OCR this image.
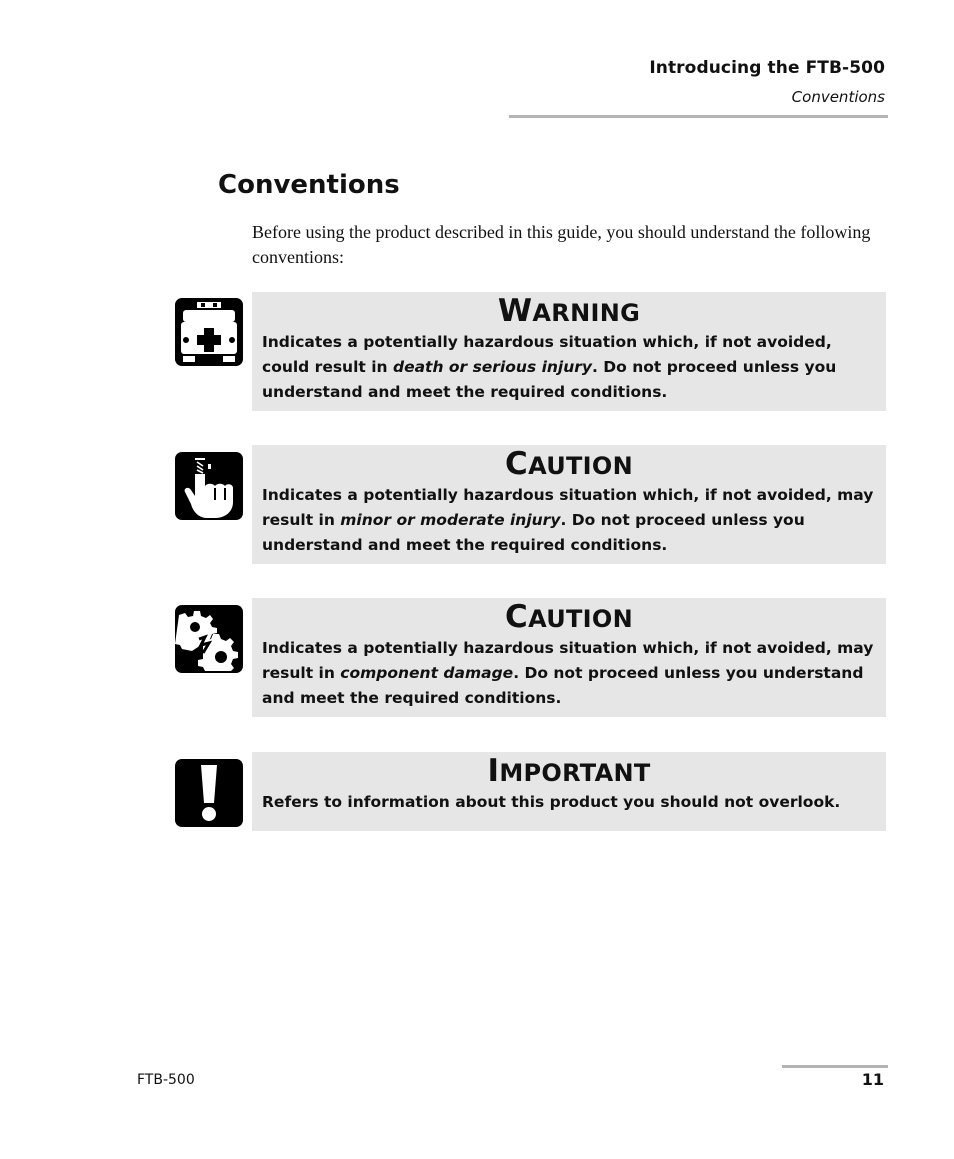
Introducing the FTB-500
Conventions
Conventions

Before using the product described in this guide, you should understand the following conventions:

WARNING

Indicates a potentially hazardous situation which, if not avoided, could result in death or serious injury. Do not proceed unless you understand and meet the required conditions.

CAUTION

Indicates a potentially hazardous situation which, if not avoided, may result in minor or moderate injury. Do not proceed unless you understand and meet the required conditions.

CAUTION

Indicates a potentially hazardous situation which, if not avoided, may result in component damage. Do not proceed unless you understand and meet the required conditions.

IMPORTANT

Refers to information about this product you should not overlook.

FTB-500	11
